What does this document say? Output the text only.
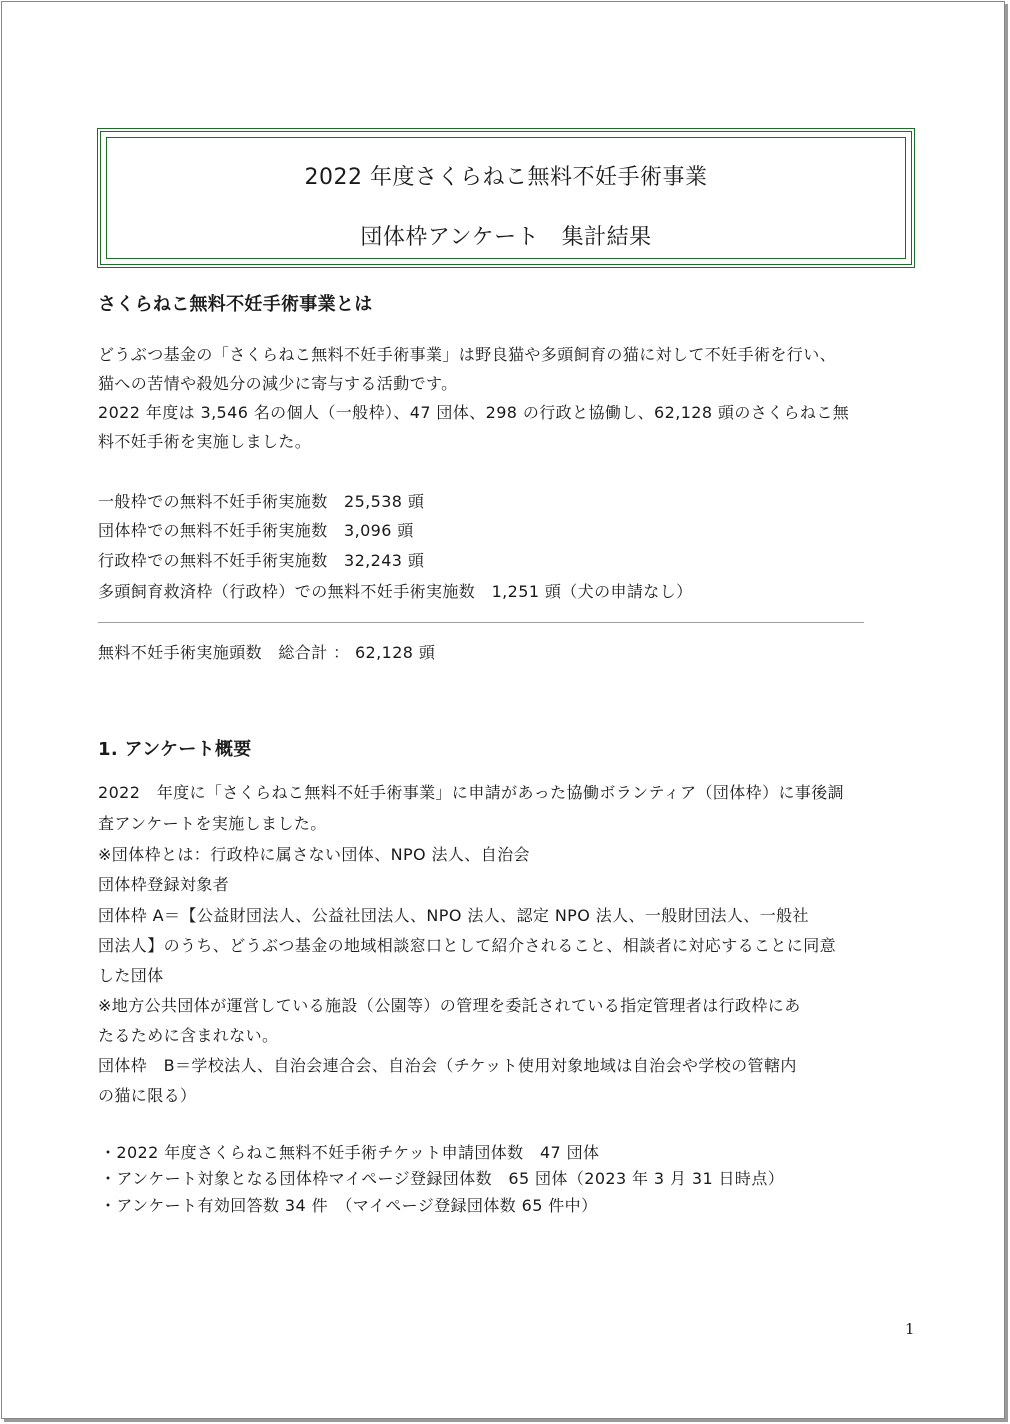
2022 年度さくらねこ無料不妊手術事業
団体枠アンケート　集計結果
さくらねこ無料不妊手術事業とは
どうぶつ基金の「さくらねこ無料不妊手術事業」は野良猫や多頭飼育の猫に対して不妊手術を行い、
猫への苦情や殺処分の減少に寄与する活動です。
2022 年度は 3,546 名の個人（一般枠）、47 団体、298 の行政と協働し、62,128 頭のさくらねこ無
料不妊手術を実施しました。
一般枠での無料不妊手術実施数　25,538 頭
団体枠での無料不妊手術実施数　3,096 頭
行政枠での無料不妊手術実施数　32,243 頭
多頭飼育救済枠（行政枠）での無料不妊手術実施数　1,251 頭（犬の申請なし）
無料不妊手術実施頭数　総合計 ： 62,128 頭
1. アンケート概要
2022　年度に「さくらねこ無料不妊手術事業」に申請があった協働ボランティア（団体枠）に事後調
査アンケートを実施しました。
※団体枠とは：行政枠に属さない団体、NPO 法人、自治会
団体枠登録対象者
団体枠 A＝【公益財団法人、公益社団法人、NPO 法人、認定 NPO 法人、一般財団法人、一般社
団法人】のうち、どうぶつ基金の地域相談窓口として紹介されること、相談者に対応することに同意
した団体
※地方公共団体が運営している施設（公園等）の管理を委託されている指定管理者は行政枠にあ
たるために含まれない。
団体枠　B＝学校法人、自治会連合会、自治会（チケット使用対象地域は自治会や学校の管轄内
の猫に限る）
・2022 年度さくらねこ無料不妊手術チケット申請団体数　47 団体
・アンケート対象となる団体枠マイページ登録団体数　65 団体（2023 年 3 月 31 日時点）
・アンケート有効回答数 34 件　（マイページ登録団体数 65 件中）
1
